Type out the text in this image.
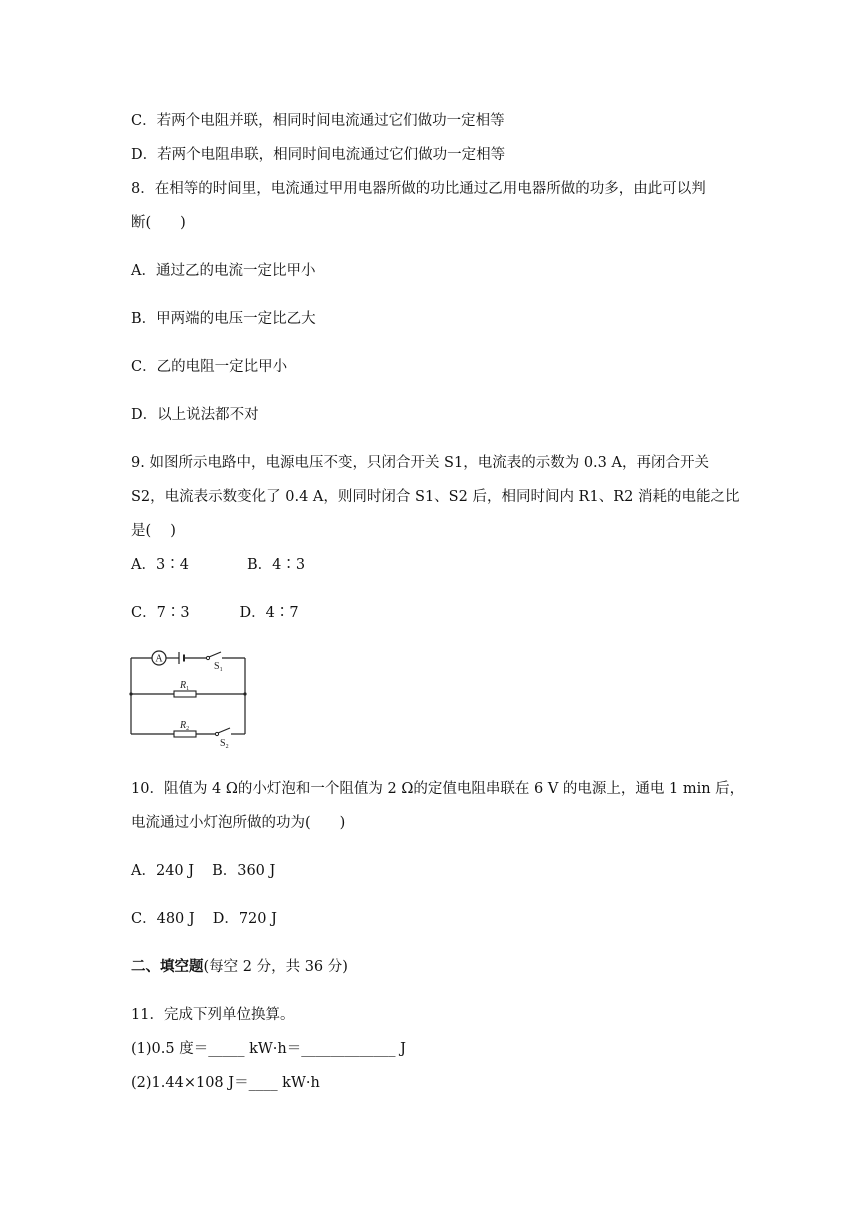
C．若两个电阻并联，相同时间电流通过它们做功一定相等
D．若两个电阻串联，相同时间电流通过它们做功一定相等
8．在相等的时间里，电流通过甲用电器所做的功比通过乙用电器所做的功多，由此可以判
断(　　)
A．通过乙的电流一定比甲小
B．甲两端的电压一定比乙大
C．乙的电阻一定比甲小
D．以上说法都不对
9. 如图所示电路中，电源电压不变，只闭合开关 S1，电流表的示数为 0.3 A，再闭合开关
S2，电流表示数变化了 0.4 A，则同时闭合 S1、S2 后，相同时间内 R1、R2 消耗的电能之比
是(　 )
A．3∶4	B．4∶3
C．7∶3	D．4∶7
A
$S_1$
$R_1$
$R_2$
$S_2$
10．阻值为 4 Ω的小灯泡和一个阻值为 2 Ω的定值电阻串联在 6 V 的电源上，通电 1 min 后，
电流通过小灯泡所做的功为(　　)
A．240 J B．360 J
C．480 J D．720 J
二、填空题(每空 2 分，共 36 分)
11．完成下列单位换算。
(1)0.5 度＝_____ kW·h＝_____________ J
(2)1.44×108 J＝____ kW·h
